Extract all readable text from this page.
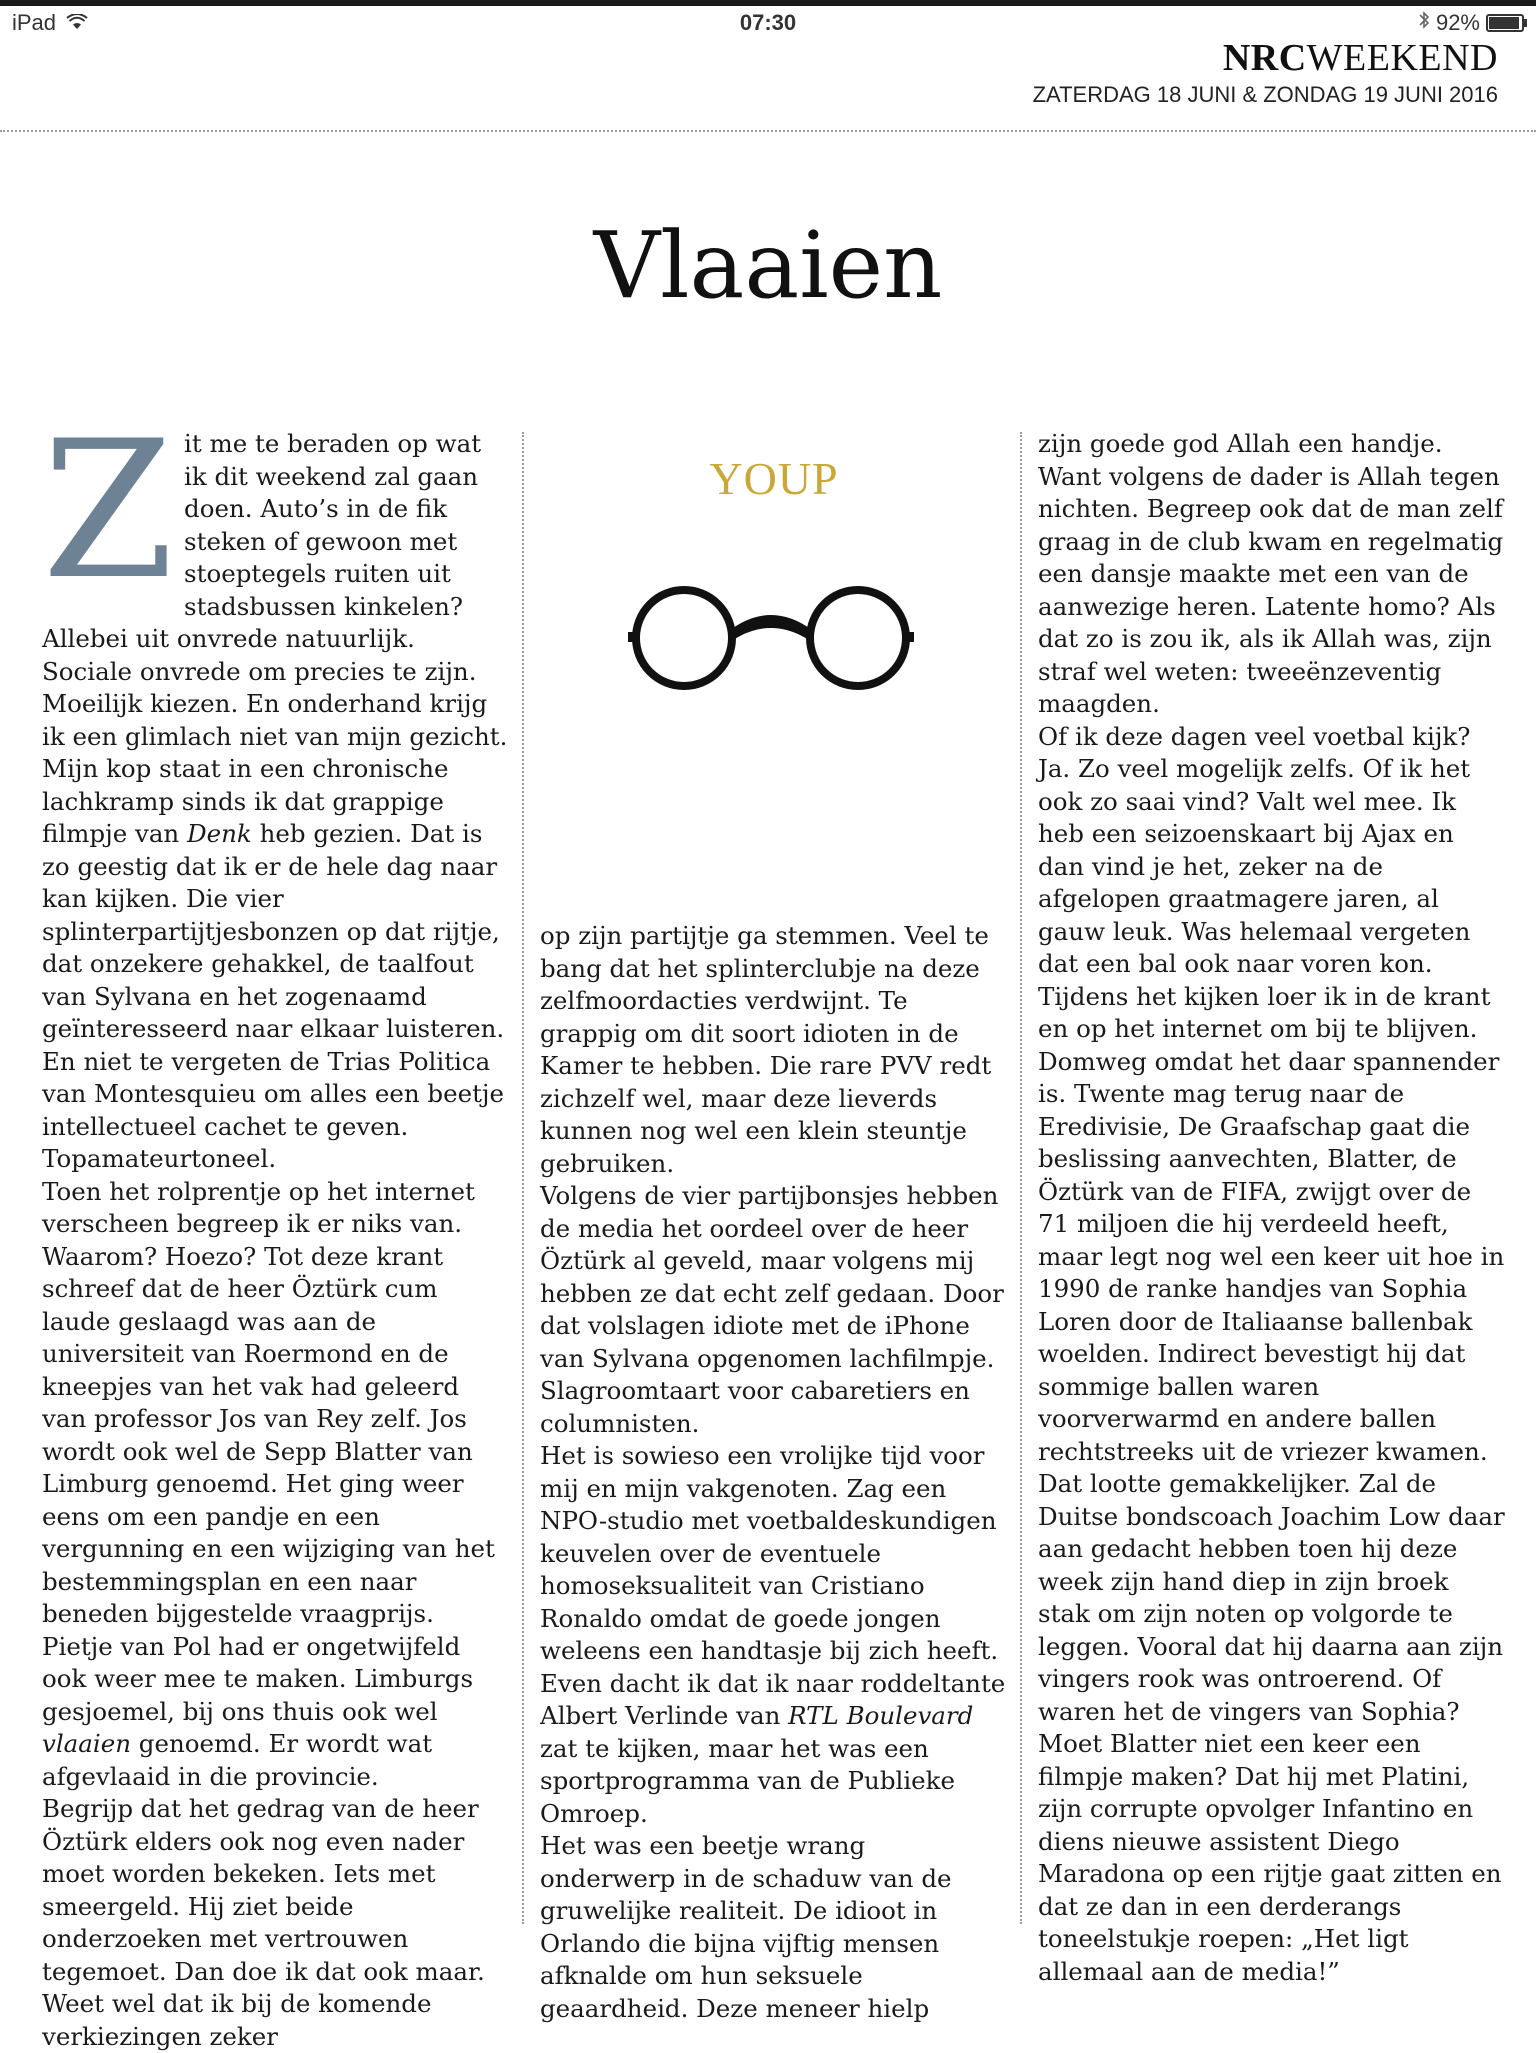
iPad	07:30	92%
NRCWEEKEND
ZATERDAG 18 JUNI & ZONDAG 19 JUNI 2016
Vlaaien

Zit me te beraden op wat ik dit weekend zal gaan doen. Auto’s in de fik steken of gewoon met stoeptegels ruiten uit stadsbussen kinkelen? Allebei uit onvrede natuurlijk. Sociale onvrede om precies te zijn. Moeilijk kiezen. En onderhand krijg ik een glimlach niet van mijn gezicht. Mijn kop staat in een chronische lachkramp sinds ik dat grappige filmpje van Denk heb gezien. Dat is zo geestig dat ik er de hele dag naar kan kijken. Die vier splinterpartijtjesbonzen op dat rijtje, dat onzekere gehakkel, de taalfout van Sylvana en het zogenaamd geïnteresseerd naar elkaar luisteren. En niet te vergeten de Trias Politica van Montesquieu om alles een beetje intellectueel cachet te geven. Topamateurtoneel.

Toen het rolprentje op het internet verscheen begreep ik er niks van. Waarom? Hoezo? Tot deze krant schreef dat de heer Öztürk cum laude geslaagd was aan de universiteit van Roermond en de kneepjes van het vak had geleerd van professor Jos van Rey zelf. Jos wordt ook wel de Sepp Blatter van Limburg genoemd. Het ging weer eens om een pandje en een vergunning en een wijziging van het bestemmingsplan en een naar beneden bijgestelde vraagprijs. Pietje van Pol had er ongetwijfeld ook weer mee te maken. Limburgs gesjoemel, bij ons thuis ook wel vlaaien genoemd. Er wordt wat afgevlaaid in die provincie.

Begrijp dat het gedrag van de heer Öztürk elders ook nog even nader moet worden bekeken. Iets met smeergeld. Hij ziet beide onderzoeken met vertrouwen tegemoet. Dan doe ik dat ook maar. Weet wel dat ik bij de komende verkiezingen zeker

YOUP

op zijn partijtje ga stemmen. Veel te bang dat het splinterclubje na deze zelfmoordacties verdwijnt. Te grappig om dit soort idioten in de Kamer te hebben. Die rare PVV redt zichzelf wel, maar deze lieverds kunnen nog wel een klein steuntje gebruiken.

Volgens de vier partijbonsjes hebben de media het oordeel over de heer Öztürk al geveld, maar volgens mij hebben ze dat echt zelf gedaan. Door dat volslagen idiote met de iPhone van Sylvana opgenomen lachfilmpje. Slagroomtaart voor cabaretiers en columnisten.

Het is sowieso een vrolijke tijd voor mij en mijn vakgenoten. Zag een NPO-studio met voetbaldeskundigen keuvelen over de eventuele homoseksualiteit van Cristiano Ronaldo omdat de goede jongen weleens een handtasje bij zich heeft. Even dacht ik dat ik naar roddeltante Albert Verlinde van RTL Boulevard zat te kijken, maar het was een sportprogramma van de Publieke Omroep.

Het was een beetje wrang onderwerp in de schaduw van de gruwelijke realiteit. De idioot in Orlando die bijna vijftig mensen afknalde om hun seksuele geaardheid. Deze meneer hielp

zijn goede god Allah een handje. Want volgens de dader is Allah tegen nichten. Begreep ook dat de man zelf graag in de club kwam en regelmatig een dansje maakte met een van de aanwezige heren. Latente homo? Als dat zo is zou ik, als ik Allah was, zijn straf wel weten: tweeënzeventig maagden.

Of ik deze dagen veel voetbal kijk? Ja. Zo veel mogelijk zelfs. Of ik het ook zo saai vind? Valt wel mee. Ik heb een seizoenskaart bij Ajax en dan vind je het, zeker na de afgelopen graatmagere jaren, al gauw leuk. Was helemaal vergeten dat een bal ook naar voren kon.

Tijdens het kijken loer ik in de krant en op het internet om bij te blijven. Domweg omdat het daar spannender is. Twente mag terug naar de Eredivisie, De Graafschap gaat die beslissing aanvechten, Blatter, de Öztürk van de FIFA, zwijgt over de 71 miljoen die hij verdeeld heeft, maar legt nog wel een keer uit hoe in 1990 de ranke handjes van Sophia Loren door de Italiaanse ballenbak woelden. Indirect bevestigt hij dat sommige ballen waren voorverwarmd en andere ballen rechtstreeks uit de vriezer kwamen. Dat lootte gemakkelijker. Zal de Duitse bondscoach Joachim Low daar aan gedacht hebben toen hij deze week zijn hand diep in zijn broek stak om zijn noten op volgorde te leggen. Vooral dat hij daarna aan zijn vingers rook was ontroerend. Of waren het de vingers van Sophia?

Moet Blatter niet een keer een filmpje maken? Dat hij met Platini, zijn corrupte opvolger Infantino en diens nieuwe assistent Diego Maradona op een rijtje gaat zitten en dat ze dan in een derderangs toneelstukje roepen: „Het ligt allemaal aan de media!”
